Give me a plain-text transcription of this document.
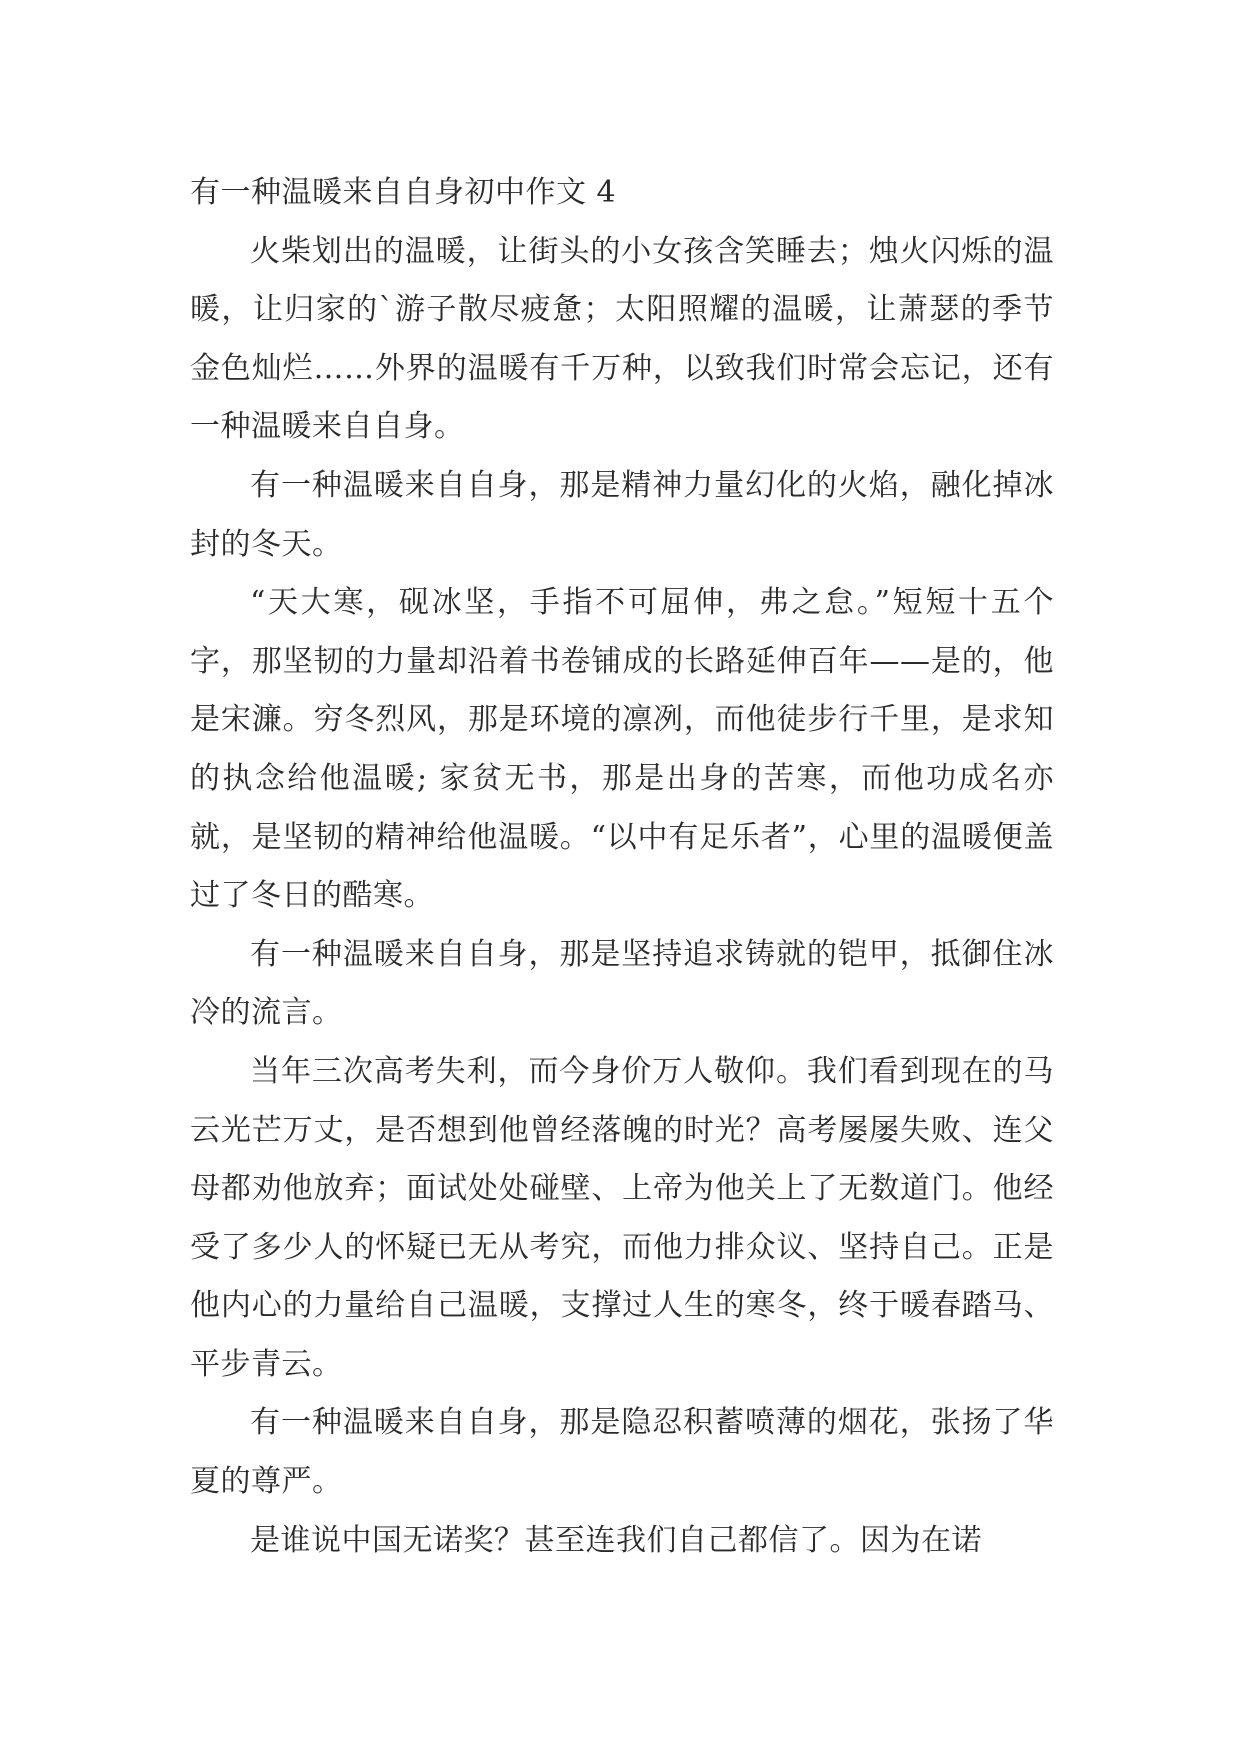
有一种温暖来自自身初中作文 4

火柴划出的温暖，让街头的小女孩含笑睡去；烛火闪烁的温暖，让归家的`游子散尽疲惫；太阳照耀的温暖，让萧瑟的季节金色灿烂……外界的温暖有千万种，以致我们时常会忘记，还有一种温暖来自自身。

有一种温暖来自自身，那是精神力量幻化的火焰，融化掉冰封的冬天。

“天大寒，砚冰坚，手指不可屈伸，弗之怠。”短短十五个字，那坚韧的力量却沿着书卷铺成的长路延伸百年——是的，他是宋濂。穷冬烈风，那是环境的凛冽，而他徒步行千里，是求知的执念给他温暖; 家贫无书，那是出身的苦寒，而他功成名亦就，是坚韧的精神给他温暖。“以中有足乐者”，心里的温暖便盖过了冬日的酷寒。

有一种温暖来自自身，那是坚持追求铸就的铠甲，抵御住冰冷的流言。

当年三次高考失利，而今身价万人敬仰。我们看到现在的马云光芒万丈，是否想到他曾经落魄的时光？高考屡屡失败、连父母都劝他放弃；面试处处碰壁、上帝为他关上了无数道门。他经受了多少人的怀疑已无从考究，而他力排众议、坚持自己。正是他内心的力量给自己温暖，支撑过人生的寒冬，终于暖春踏马、平步青云。

有一种温暖来自自身，那是隐忍积蓄喷薄的烟花，张扬了华夏的尊严。

是谁说中国无诺奖？甚至连我们自己都信了。因为在诺
